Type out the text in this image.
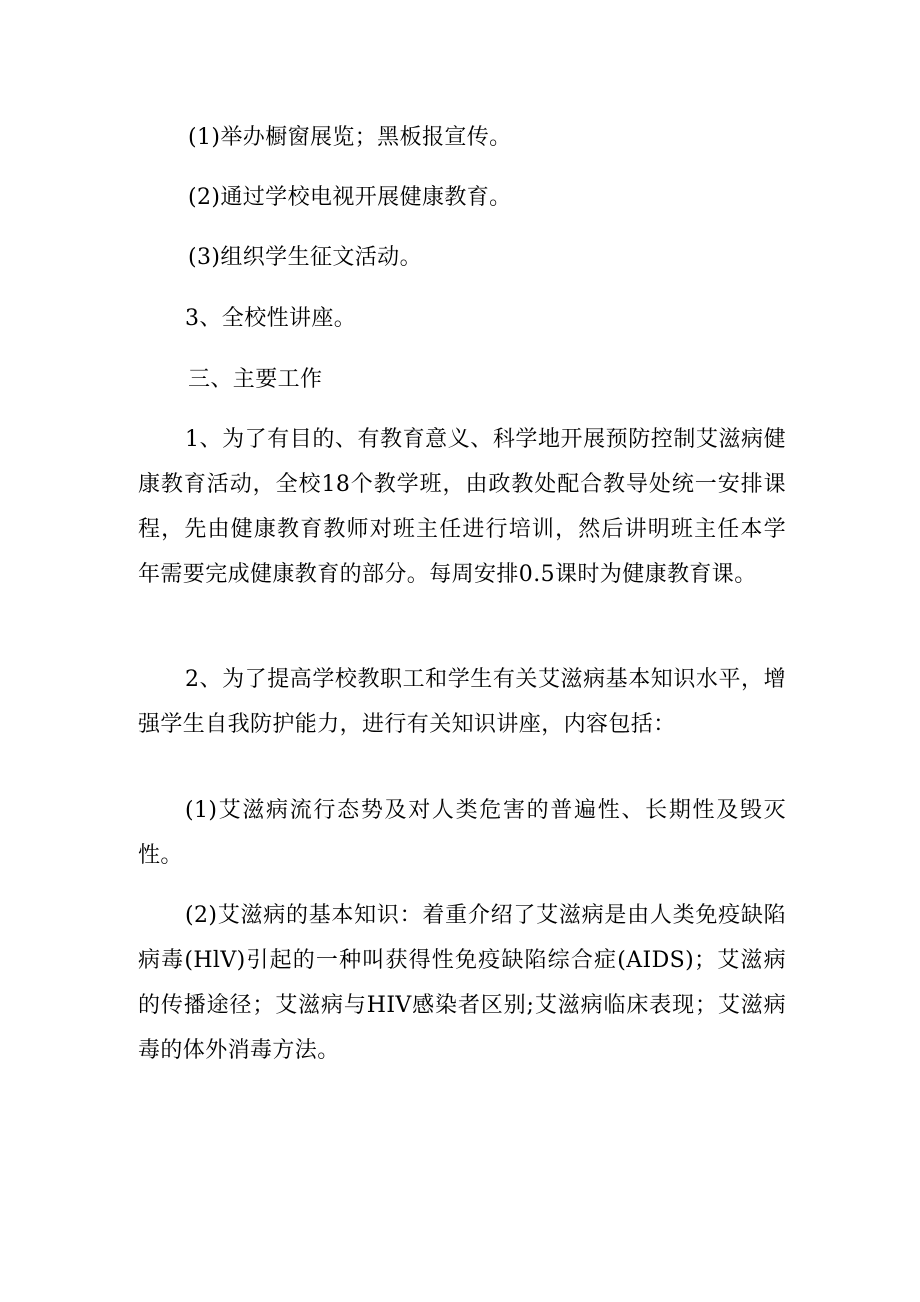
(1)举办橱窗展览；黑板报宣传。

(2)通过学校电视开展健康教育。

(3)组织学生征文活动。

3、全校性讲座。

三、主要工作

1、为了有目的、有教育意义、科学地开展预防控制艾滋病健康教育活动，全校18个教学班，由政教处配合教导处统一安排课程，先由健康教育教师对班主任进行培训，然后讲明班主任本学年需要完成健康教育的部分。每周安排0.5课时为健康教育课。

2、为了提高学校教职工和学生有关艾滋病基本知识水平，增强学生自我防护能力，进行有关知识讲座，内容包括：

(1)艾滋病流行态势及对人类危害的普遍性、长期性及毁灭性。

(2)艾滋病的基本知识：着重介绍了艾滋病是由人类免疫缺陷病毒(HlV)引起的一种叫获得性免疫缺陷综合症(AIDS)；艾滋病的传播途径；艾滋病与HIV感染者区别;艾滋病临床表现；艾滋病毒的体外消毒方法。
